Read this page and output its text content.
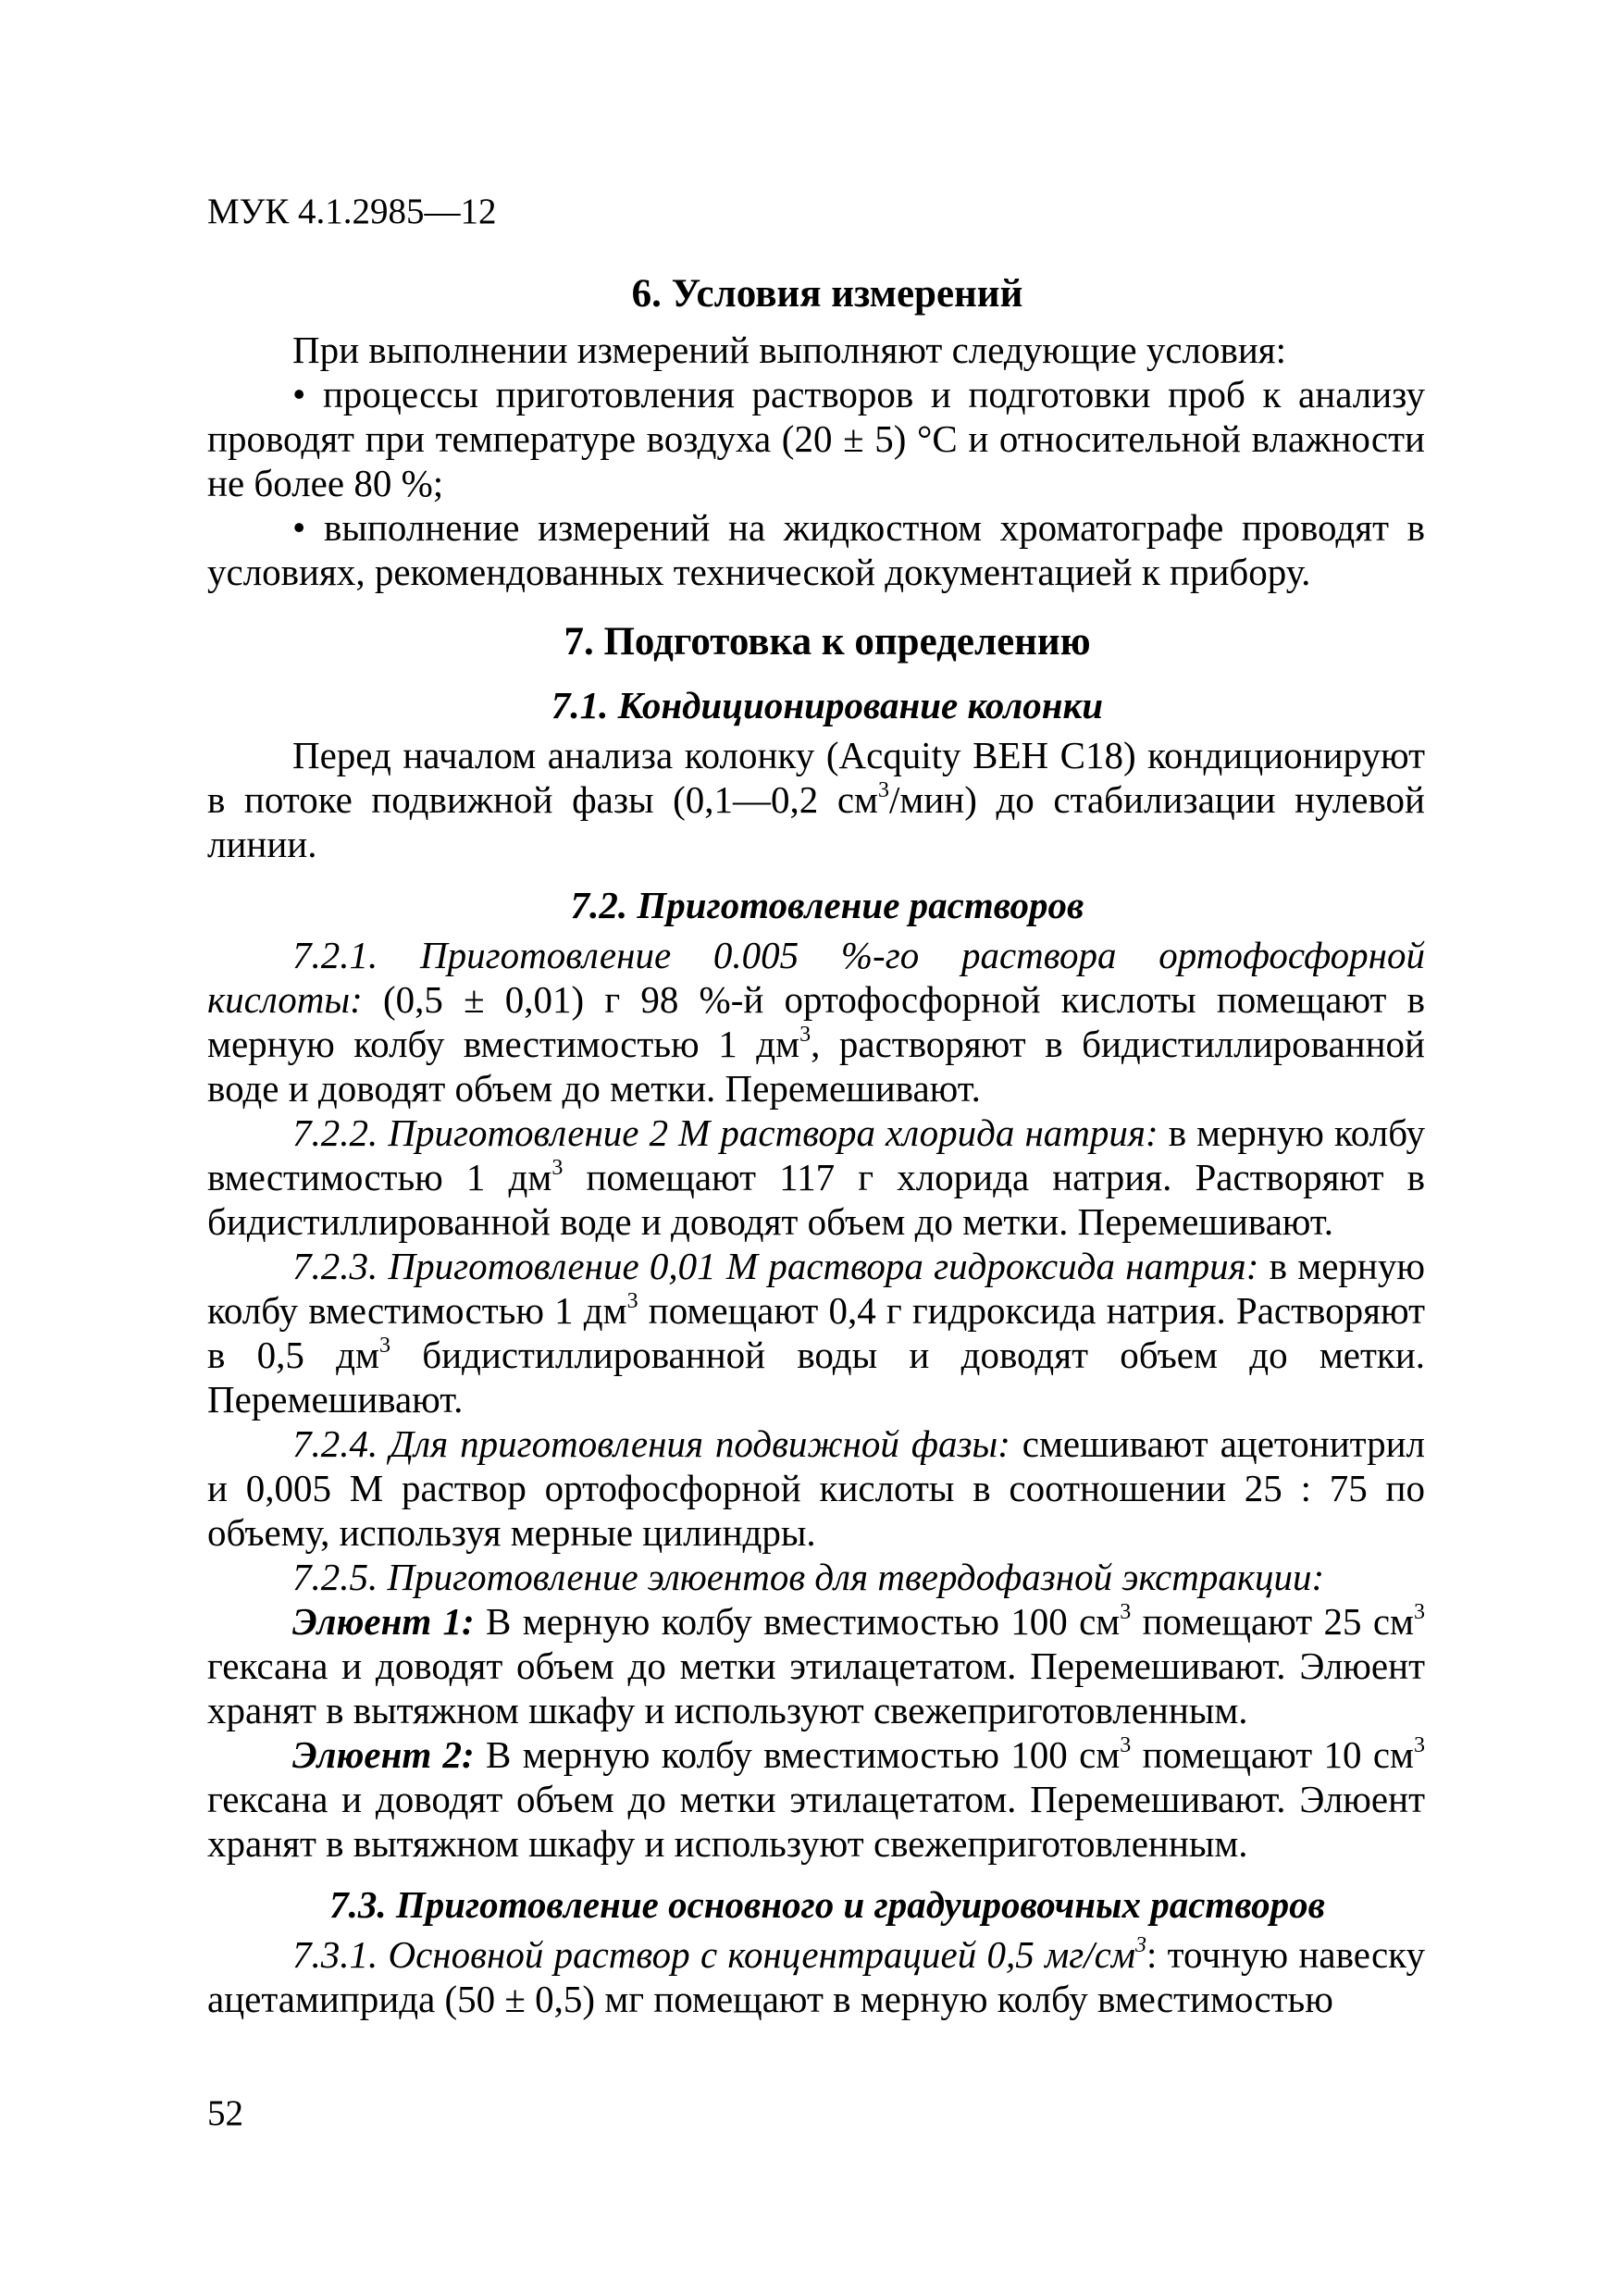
МУК 4.1.2985—12
6. Условия измерений

При выполнении измерений выполняют следующие условия:

• процессы приготовления растворов и подготовки проб к анализу проводят при температуре воздуха (20 ± 5) °С и относительной влажности не более 80 %;

• выполнение измерений на жидкостном хроматографе проводят в условиях, рекомендованных технической документацией к прибору.

7. Подготовка к определению
7.1. Кондиционирование колонки

Перед началом анализа колонку (Acquity BEH C18) кондиционируют в потоке подвижной фазы (0,1—0,2 $см^3/мин$) до стабилизации нулевой линии.

7.2. Приготовление растворов

7.2.1. Приготовление 0.005 %-го раствора ортофосфорной кислоты: (0,5 ± 0,01) г 98 %-й ортофосфорной кислоты помещают в мерную колбу вместимостью 1 $дм^3$, растворяют в бидистиллированной воде и доводят объем до метки. Перемешивают.

7.2.2. Приготовление 2 М раствора хлорида натрия: в мерную колбу вместимостью 1 $дм^3$ помещают 117 г хлорида натрия. Растворяют в бидистиллированной воде и доводят объем до метки. Перемешивают.

7.2.3. Приготовление 0,01 М раствора гидроксида натрия: в мерную колбу вместимостью 1 $дм^3$ помещают 0,4 г гидроксида натрия. Растворяют в 0,5 $дм^3$ бидистиллированной воды и доводят объем до метки. Перемешивают.

7.2.4. Для приготовления подвижной фазы: смешивают ацетонитрил и 0,005 М раствор ортофосфорной кислоты в соотношении 25 : 75 по объему, используя мерные цилиндры.

7.2.5. Приготовление элюентов для твердофазной экстракции:

Элюент 1: В мерную колбу вместимостью 100 $см^3$ помещают 25 $см^3$ гексана и доводят объем до метки этилацетатом. Перемешивают. Элюент хранят в вытяжном шкафу и используют свежеприготовленным.

Элюент 2: В мерную колбу вместимостью 100 $см^3$ помещают 10 $см^3$ гексана и доводят объем до метки этилацетатом. Перемешивают. Элюент хранят в вытяжном шкафу и используют свежеприготовленным.

7.3. Приготовление основного и градуировочных растворов

7.3.1. Основной раствор с концентрацией 0,5 $мг/см^3$: точную навеску ацетамиприда (50 ± 0,5) мг помещают в мерную колбу вместимостью

52
